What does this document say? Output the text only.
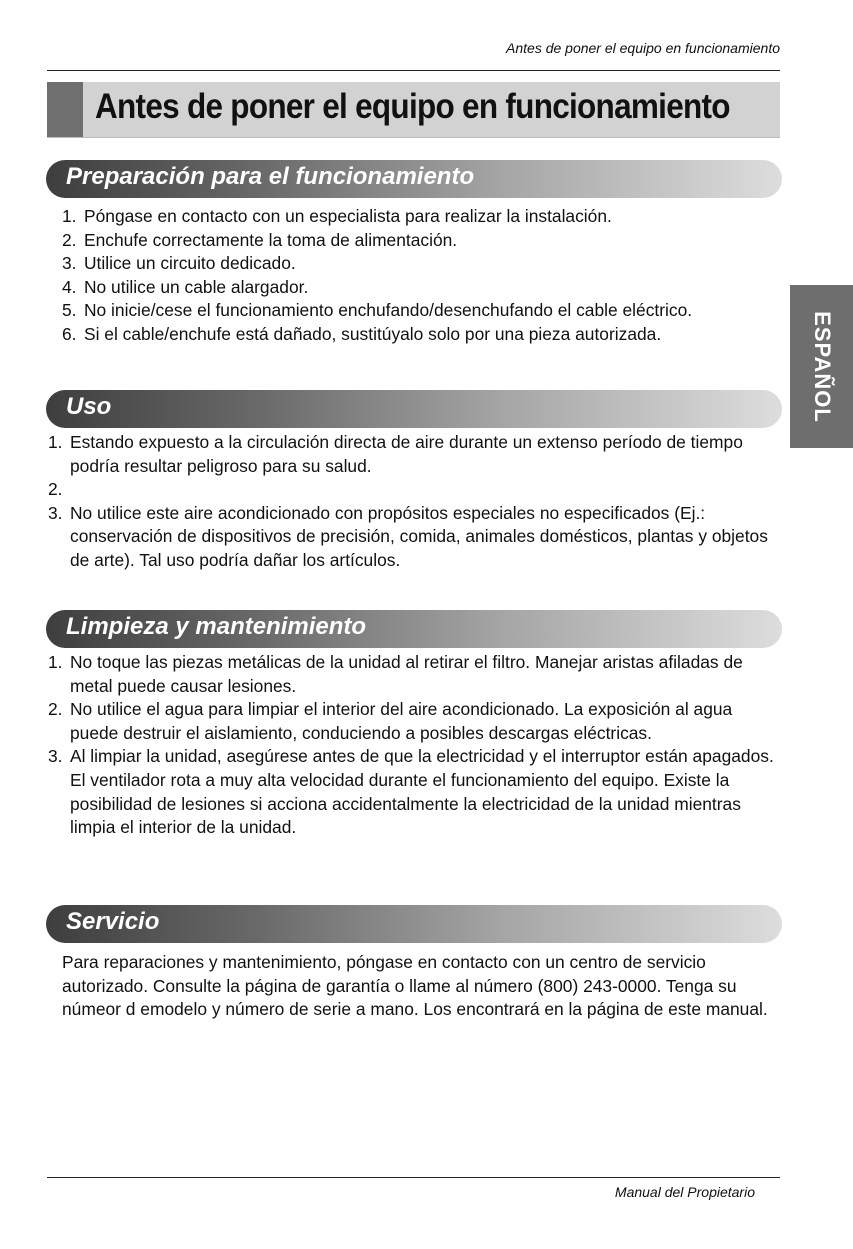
Antes de poner el equipo en funcionamiento
Antes de poner el equipo en funcionamiento
ESPAÑOL
Preparación para el funcionamiento
1. Póngase en contacto con un especialista para realizar la instalación.
2. Enchufe correctamente la toma de alimentación.
3. Utilice un circuito dedicado.
4. No utilice un cable alargador.
5. No inicie/cese el funcionamiento enchufando/desenchufando el cable eléctrico.
6. Si el cable/enchufe está dañado, sustitúyalo solo por una pieza autorizada.
Uso
1. Estando expuesto a la circulación directa de aire durante un extenso período de tiempo podría resultar peligroso para su salud.
2.
3. No utilice este aire acondicionado con propósitos especiales no especificados (Ej.: conservación de dispositivos de precisión, comida, animales domésticos, plantas y objetos de arte). Tal uso podría dañar los artículos.
Limpieza y mantenimiento
1. No toque las piezas metálicas de la unidad al retirar el filtro. Manejar aristas afiladas de metal puede causar lesiones.
2. No utilice el agua para limpiar el interior del aire acondicionado. La exposición al agua puede destruir el aislamiento, conduciendo a posibles descargas eléctricas.
3. Al limpiar la unidad, asegúrese antes de que la electricidad y el interruptor están apagados. El ventilador rota a muy alta velocidad durante el funcionamiento del equipo. Existe la posibilidad de lesiones si acciona accidentalmente la electricidad de la unidad mientras limpia el interior de la unidad.
Servicio

Para reparaciones y mantenimiento, póngase en contacto con un centro de servicio autorizado. Consulte la página de garantía o llame al número (800) 243-0000. Tenga su númeor d emodelo y número de serie a mano. Los encontrará en la página de este manual.

Manual del Propietario
